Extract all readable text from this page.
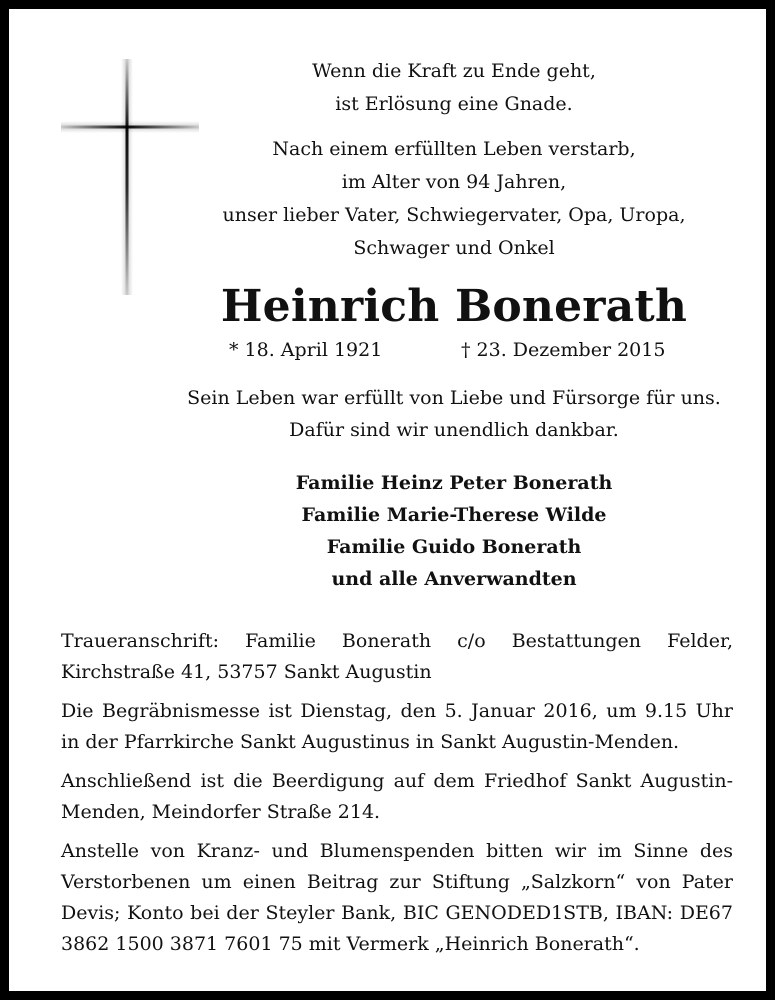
Wenn die Kraft zu Ende geht,
ist Erlösung eine Gnade.
Nach einem erfüllten Leben verstarb,
im Alter von 94 Jahren,
unser lieber Vater, Schwiegervater, Opa, Uropa,
Schwager und Onkel
Heinrich Bonerath
* 18. April 1921	† 23. Dezember 2015
Sein Leben war erfüllt von Liebe und Fürsorge für uns.
Dafür sind wir unendlich dankbar.
Familie Heinz Peter Bonerath
Familie Marie-Therese Wilde
Familie Guido Bonerath
und alle Anverwandten

Traueranschrift: Familie Bonerath c/o Bestattungen Felder, Kirchstraße 41, 53757 Sankt Augustin

Die Begräbnismesse ist Dienstag, den 5. Januar 2016, um 9.15 Uhr in der Pfarrkirche Sankt Augustinus in Sankt Augustin-Menden.

Anschließend ist die Beerdigung auf dem Friedhof Sankt Augustin-Menden, Meindorfer Straße 214.

Anstelle von Kranz- und Blumenspenden bitten wir im Sinne des Verstorbenen um einen Beitrag zur Stiftung „Salzkorn“ von Pater Devis; Konto bei der Steyler Bank, BIC GENODED1STB, IBAN: DE67 3862 1500 3871 7601 75 mit Vermerk „Heinrich Bonerath“.
